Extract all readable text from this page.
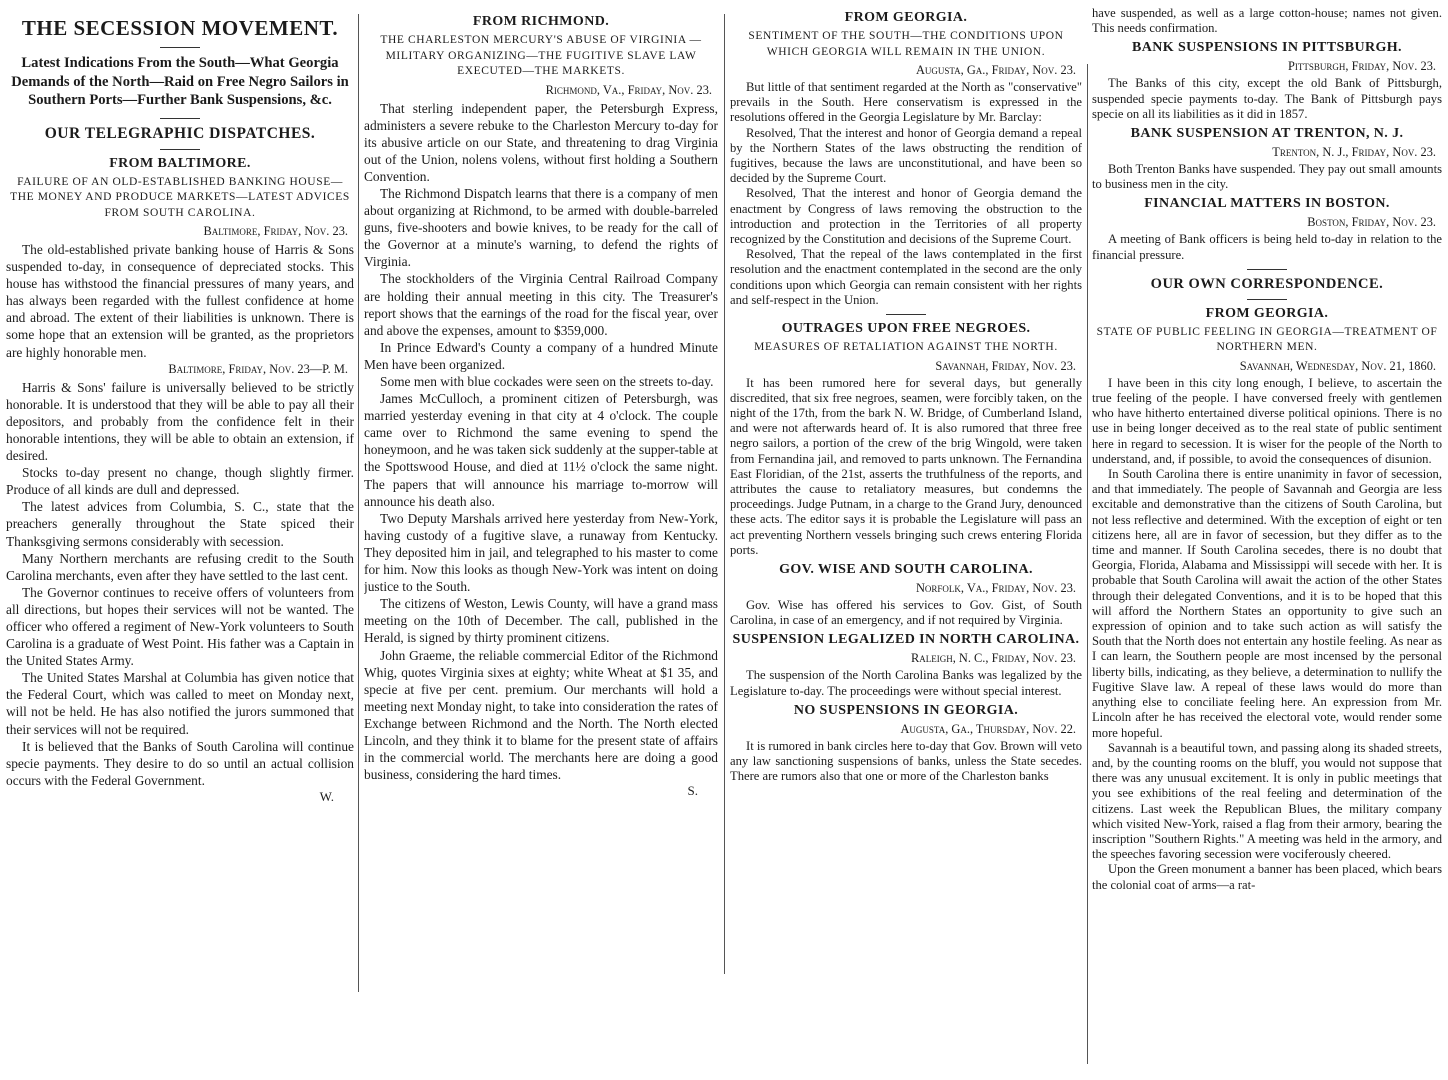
THE SECESSION MOVEMENT.
Latest Indications From the South—What Georgia Demands of the North—Raid on Free Negro Sailors in Southern Ports—Further Bank Suspensions, &c.
OUR TELEGRAPHIC DISPATCHES.
FROM BALTIMORE.
FAILURE OF AN OLD-ESTABLISHED BANKING HOUSE—THE MONEY AND PRODUCE MARKETS—LATEST ADVICES FROM SOUTH CAROLINA.
Baltimore, Friday, Nov. 23.

The old-established private banking house of Harris & Sons suspended to-day, in consequence of depreciated stocks. This house has withstood the financial pressures of many years, and has always been regarded with the fullest confidence at home and abroad. The extent of their liabilities is unknown. There is some hope that an extension will be granted, as the proprietors are highly honorable men.

Baltimore, Friday, Nov. 23—P. M.

Harris & Sons' failure is universally believed to be strictly honorable. It is understood that they will be able to pay all their depositors, and probably from the confidence felt in their honorable intentions, they will be able to obtain an extension, if desired.

Stocks to-day present no change, though slightly firmer. Produce of all kinds are dull and depressed.

The latest advices from Columbia, S. C., state that the preachers generally throughout the State spiced their Thanksgiving sermons considerably with secession.

Many Northern merchants are refusing credit to the South Carolina merchants, even after they have settled to the last cent.

The Governor continues to receive offers of volunteers from all directions, but hopes their services will not be wanted. The officer who offered a regiment of New-York volunteers to South Carolina is a graduate of West Point. His father was a Captain in the United States Army.

The United States Marshal at Columbia has given notice that the Federal Court, which was called to meet on Monday next, will not be held. He has also notified the jurors summoned that their services will not be required.

It is believed that the Banks of South Carolina will continue specie payments. They desire to do so until an actual collision occurs with the Federal Government.

W.
FROM RICHMOND.
THE CHARLESTON MERCURY'S ABUSE OF VIRGINIA —MILITARY ORGANIZING—THE FUGITIVE SLAVE LAW EXECUTED—THE MARKETS.
Richmond, Va., Friday, Nov. 23.

That sterling independent paper, the Petersburgh Express, administers a severe rebuke to the Charleston Mercury to-day for its abusive article on our State, and threatening to drag Virginia out of the Union, nolens volens, without first holding a Southern Convention.

The Richmond Dispatch learns that there is a company of men about organizing at Richmond, to be armed with double-barreled guns, five-shooters and bowie knives, to be ready for the call of the Governor at a minute's warning, to defend the rights of Virginia.

The stockholders of the Virginia Central Railroad Company are holding their annual meeting in this city. The Treasurer's report shows that the earnings of the road for the fiscal year, over and above the expenses, amount to $359,000.

In Prince Edward's County a company of a hundred Minute Men have been organized.

Some men with blue cockades were seen on the streets to-day.

James McCulloch, a prominent citizen of Petersburgh, was married yesterday evening in that city at 4 o'clock. The couple came over to Richmond the same evening to spend the honeymoon, and he was taken sick suddenly at the supper-table at the Spottswood House, and died at 11½ o'clock the same night. The papers that will announce his marriage to-morrow will announce his death also.

Two Deputy Marshals arrived here yesterday from New-York, having custody of a fugitive slave, a runaway from Kentucky. They deposited him in jail, and telegraphed to his master to come for him. Now this looks as though New-York was intent on doing justice to the South.

The citizens of Weston, Lewis County, will have a grand mass meeting on the 10th of December. The call, published in the Herald, is signed by thirty prominent citizens.

John Graeme, the reliable commercial Editor of the Richmond Whig, quotes Virginia sixes at eighty; white Wheat at $1 35, and specie at five per cent. premium. Our merchants will hold a meeting next Monday night, to take into consideration the rates of Exchange between Richmond and the North. The North elected Lincoln, and they think it to blame for the present state of affairs in the commercial world. The merchants here are doing a good business, considering the hard times.

S.
FROM GEORGIA.
SENTIMENT OF THE SOUTH—THE CONDITIONS UPON WHICH GEORGIA WILL REMAIN IN THE UNION.
Augusta, Ga., Friday, Nov. 23.

But little of that sentiment regarded at the North as "conservative" prevails in the South. Here conservatism is expressed in the resolutions offered in the Georgia Legislature by Mr. Barclay:

Resolved, That the interest and honor of Georgia demand a repeal by the Northern States of the laws obstructing the rendition of fugitives, because the laws are unconstitutional, and have been so decided by the Supreme Court.

Resolved, That the interest and honor of Georgia demand the enactment by Congress of laws removing the obstruction to the introduction and protection in the Territories of all property recognized by the Constitution and decisions of the Supreme Court.

Resolved, That the repeal of the laws contemplated in the first resolution and the enactment contemplated in the second are the only conditions upon which Georgia can remain consistent with her rights and self-respect in the Union.

OUTRAGES UPON FREE NEGROES.
MEASURES OF RETALIATION AGAINST THE NORTH.
Savannah, Friday, Nov. 23.

It has been rumored here for several days, but generally discredited, that six free negroes, seamen, were forcibly taken, on the night of the 17th, from the bark N. W. Bridge, of Cumberland Island, and were not afterwards heard of. It is also rumored that three free negro sailors, a portion of the crew of the brig Wingold, were taken from Fernandina jail, and removed to parts unknown. The Fernandina East Floridian, of the 21st, asserts the truthfulness of the reports, and attributes the cause to retaliatory measures, but condemns the proceedings. Judge Putnam, in a charge to the Grand Jury, denounced these acts. The editor says it is probable the Legislature will pass an act preventing Northern vessels bringing such crews entering Florida ports.

GOV. WISE AND SOUTH CAROLINA.
Norfolk, Va., Friday, Nov. 23.

Gov. Wise has offered his services to Gov. Gist, of South Carolina, in case of an emergency, and if not required by Virginia.

SUSPENSION LEGALIZED IN NORTH CAROLINA.
Raleigh, N. C., Friday, Nov. 23.

The suspension of the North Carolina Banks was legalized by the Legislature to-day. The proceedings were without special interest.

NO SUSPENSIONS IN GEORGIA.
Augusta, Ga., Thursday, Nov. 22.

It is rumored in bank circles here to-day that Gov. Brown will veto any law sanctioning suspensions of banks, unless the State secedes. There are rumors also that one or more of the Charleston banks

have suspended, as well as a large cotton-house; names not given. This needs confirmation.

BANK SUSPENSIONS IN PITTSBURGH.
Pittsburgh, Friday, Nov. 23.

The Banks of this city, except the old Bank of Pittsburgh, suspended specie payments to-day. The Bank of Pittsburgh pays specie on all its liabilities as it did in 1857.

BANK SUSPENSION AT TRENTON, N. J.
Trenton, N. J., Friday, Nov. 23.

Both Trenton Banks have suspended. They pay out small amounts to business men in the city.

FINANCIAL MATTERS IN BOSTON.
Boston, Friday, Nov. 23.

A meeting of Bank officers is being held to-day in relation to the financial pressure.

OUR OWN CORRESPONDENCE.
FROM GEORGIA.
STATE OF PUBLIC FEELING IN GEORGIA—TREATMENT OF NORTHERN MEN.
Savannah, Wednesday, Nov. 21, 1860.

I have been in this city long enough, I believe, to ascertain the true feeling of the people. I have conversed freely with gentlemen who have hitherto entertained diverse political opinions. There is no use in being longer deceived as to the real state of public sentiment here in regard to secession. It is wiser for the people of the North to understand, and, if possible, to avoid the consequences of disunion.

In South Carolina there is entire unanimity in favor of secession, and that immediately. The people of Savannah and Georgia are less excitable and demonstrative than the citizens of South Carolina, but not less reflective and determined. With the exception of eight or ten citizens here, all are in favor of secession, but they differ as to the time and manner. If South Carolina secedes, there is no doubt that Georgia, Florida, Alabama and Mississippi will secede with her. It is probable that South Carolina will await the action of the other States through their delegated Conventions, and it is to be hoped that this will afford the Northern States an opportunity to give such an expression of opinion and to take such action as will satisfy the South that the North does not entertain any hostile feeling. As near as I can learn, the Southern people are most incensed by the personal liberty bills, indicating, as they believe, a determination to nullify the Fugitive Slave law. A repeal of these laws would do more than anything else to conciliate feeling here. An expression from Mr. Lincoln after he has received the electoral vote, would render some more hopeful.

Savannah is a beautiful town, and passing along its shaded streets, and, by the counting rooms on the bluff, you would not suppose that there was any unusual excitement. It is only in public meetings that you see exhibitions of the real feeling and determination of the citizens. Last week the Republican Blues, the military company which visited New-York, raised a flag from their armory, bearing the inscription "Southern Rights." A meeting was held in the armory, and the speeches favoring secession were vociferously cheered.

Upon the Green monument a banner has been placed, which bears the colonial coat of arms—a rat-
